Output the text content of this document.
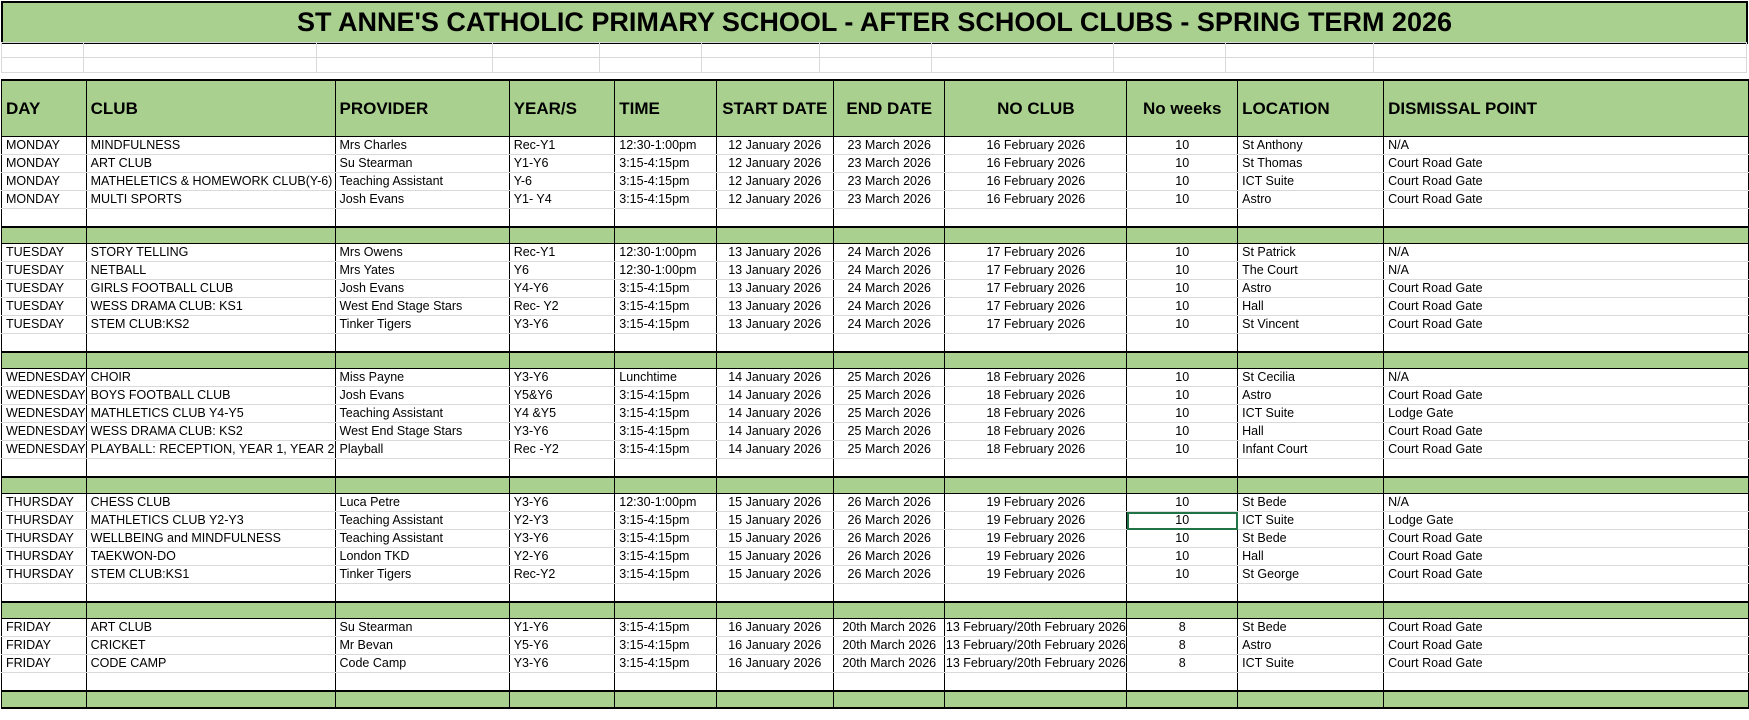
ST ANNE'S CATHOLIC PRIMARY SCHOOL - AFTER SCHOOL CLUBS - SPRING TERM 2026

DAY	CLUB	PROVIDER	YEAR/S	TIME	START DATE	END DATE	NO CLUB	No weeks	LOCATION	DISMISSAL POINT
MONDAY	MINDFULNESS	Mrs Charles	Rec-Y1	12:30-1:00pm	12 January 2026	23 March 2026	16 February 2026	10	St Anthony	N/A
MONDAY	ART CLUB	Su Stearman	Y1-Y6	3:15-4:15pm	12 January 2026	23 March 2026	16 February 2026	10	St Thomas	Court Road Gate
MONDAY	MATHELETICS & HOMEWORK CLUB(Y-6)	Teaching Assistant	Y-6	3:15-4:15pm	12 January 2026	23 March 2026	16 February 2026	10	ICT Suite	Court Road Gate
MONDAY	MULTI SPORTS	Josh Evans	Y1- Y4	3:15-4:15pm	12 January 2026	23 March 2026	16 February 2026	10	Astro	Court Road Gate

TUESDAY	STORY TELLING	Mrs Owens	Rec-Y1	12:30-1:00pm	13 January 2026	24 March 2026	17 February 2026	10	St Patrick	N/A
TUESDAY	NETBALL	Mrs Yates	Y6	12:30-1:00pm	13 January 2026	24 March 2026	17 February 2026	10	The Court	N/A
TUESDAY	GIRLS FOOTBALL CLUB	Josh Evans	Y4-Y6	3:15-4:15pm	13 January 2026	24 March 2026	17 February 2026	10	Astro	Court Road Gate
TUESDAY	WESS DRAMA CLUB: KS1	West End Stage Stars	Rec- Y2	3:15-4:15pm	13 January 2026	24 March 2026	17 February 2026	10	Hall	Court Road Gate
TUESDAY	STEM CLUB:KS2	Tinker Tigers	Y3-Y6	3:15-4:15pm	13 January 2026	24 March 2026	17 February 2026	10	St Vincent	Court Road Gate

WEDNESDAY	CHOIR	Miss Payne	Y3-Y6	Lunchtime	14 January 2026	25 March 2026	18 February 2026	10	St Cecilia	N/A
WEDNESDAY	BOYS FOOTBALL CLUB	Josh Evans	Y5&Y6	3:15-4:15pm	14 January 2026	25 March 2026	18 February 2026	10	Astro	Court Road Gate
WEDNESDAY	MATHLETICS CLUB Y4-Y5	Teaching Assistant	Y4 &Y5	3:15-4:15pm	14 January 2026	25 March 2026	18 February 2026	10	ICT Suite	Lodge Gate
WEDNESDAY	WESS DRAMA CLUB: KS2	West End Stage Stars	Y3-Y6	3:15-4:15pm	14 January 2026	25 March 2026	18 February 2026	10	Hall	Court Road Gate
WEDNESDAY	PLAYBALL: RECEPTION, YEAR 1, YEAR 2	Playball	Rec -Y2	3:15-4:15pm	14 January 2026	25 March 2026	18 February 2026	10	Infant Court	Court Road Gate

THURSDAY	CHESS CLUB	Luca Petre	Y3-Y6	12:30-1:00pm	15 January 2026	26 March 2026	19 February 2026	10	St Bede	N/A
THURSDAY	MATHLETICS CLUB Y2-Y3	Teaching Assistant	Y2-Y3	3:15-4:15pm	15 January 2026	26 March 2026	19 February 2026	10	ICT Suite	Lodge Gate
THURSDAY	WELLBEING and MINDFULNESS	Teaching Assistant	Y3-Y6	3:15-4:15pm	15 January 2026	26 March 2026	19 February 2026	10	St Bede	Court Road Gate
THURSDAY	TAEKWON-DO	London TKD	Y2-Y6	3:15-4:15pm	15 January 2026	26 March 2026	19 February 2026	10	Hall	Court Road Gate
THURSDAY	STEM CLUB:KS1	Tinker Tigers	Rec-Y2	3:15-4:15pm	15 January 2026	26 March 2026	19 February 2026	10	St George	Court Road Gate

FRIDAY	ART CLUB	Su Stearman	Y1-Y6	3:15-4:15pm	16 January 2026	20th March 2026	13 February/20th February 2026	8	St Bede	Court Road Gate
FRIDAY	CRICKET	Mr Bevan	Y5-Y6	3:15-4:15pm	16 January 2026	20th March 2026	13 February/20th February 2026	8	Astro	Court Road Gate
FRIDAY	CODE CAMP	Code Camp	Y3-Y6	3:15-4:15pm	16 January 2026	20th March 2026	13 February/20th February 2026	8	ICT Suite	Court Road Gate
